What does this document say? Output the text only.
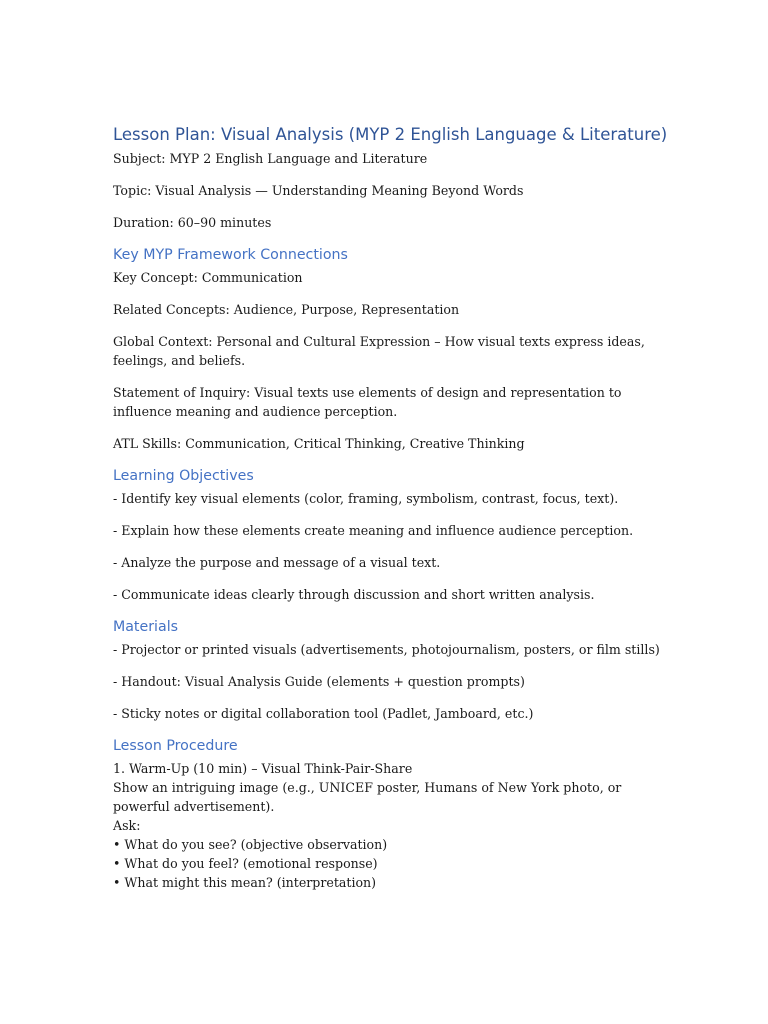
Lesson Plan: Visual Analysis (MYP 2 English Language & Literature)

Subject: MYP 2 English Language and Literature

Topic: Visual Analysis — Understanding Meaning Beyond Words

Duration: 60–90 minutes

Key MYP Framework Connections

Key Concept: Communication

Related Concepts: Audience, Purpose, Representation

Global Context: Personal and Cultural Expression – How visual texts express ideas, feelings, and beliefs.

Statement of Inquiry: Visual texts use elements of design and representation to influence meaning and audience perception.

ATL Skills: Communication, Critical Thinking, Creative Thinking

Learning Objectives

- Identify key visual elements (color, framing, symbolism, contrast, focus, text).

- Explain how these elements create meaning and influence audience perception.

- Analyze the purpose and message of a visual text.

- Communicate ideas clearly through discussion and short written analysis.

Materials

- Projector or printed visuals (advertisements, photojournalism, posters, or film stills)

- Handout: Visual Analysis Guide (elements + question prompts)

- Sticky notes or digital collaboration tool (Padlet, Jamboard, etc.)

Lesson Procedure
1. Warm-Up (10 min) – Visual Think-Pair-Share
Show an intriguing image (e.g., UNICEF poster, Humans of New York photo, or powerful advertisement).
Ask:
• What do you see? (objective observation)
• What do you feel? (emotional response)
• What might this mean? (interpretation)
